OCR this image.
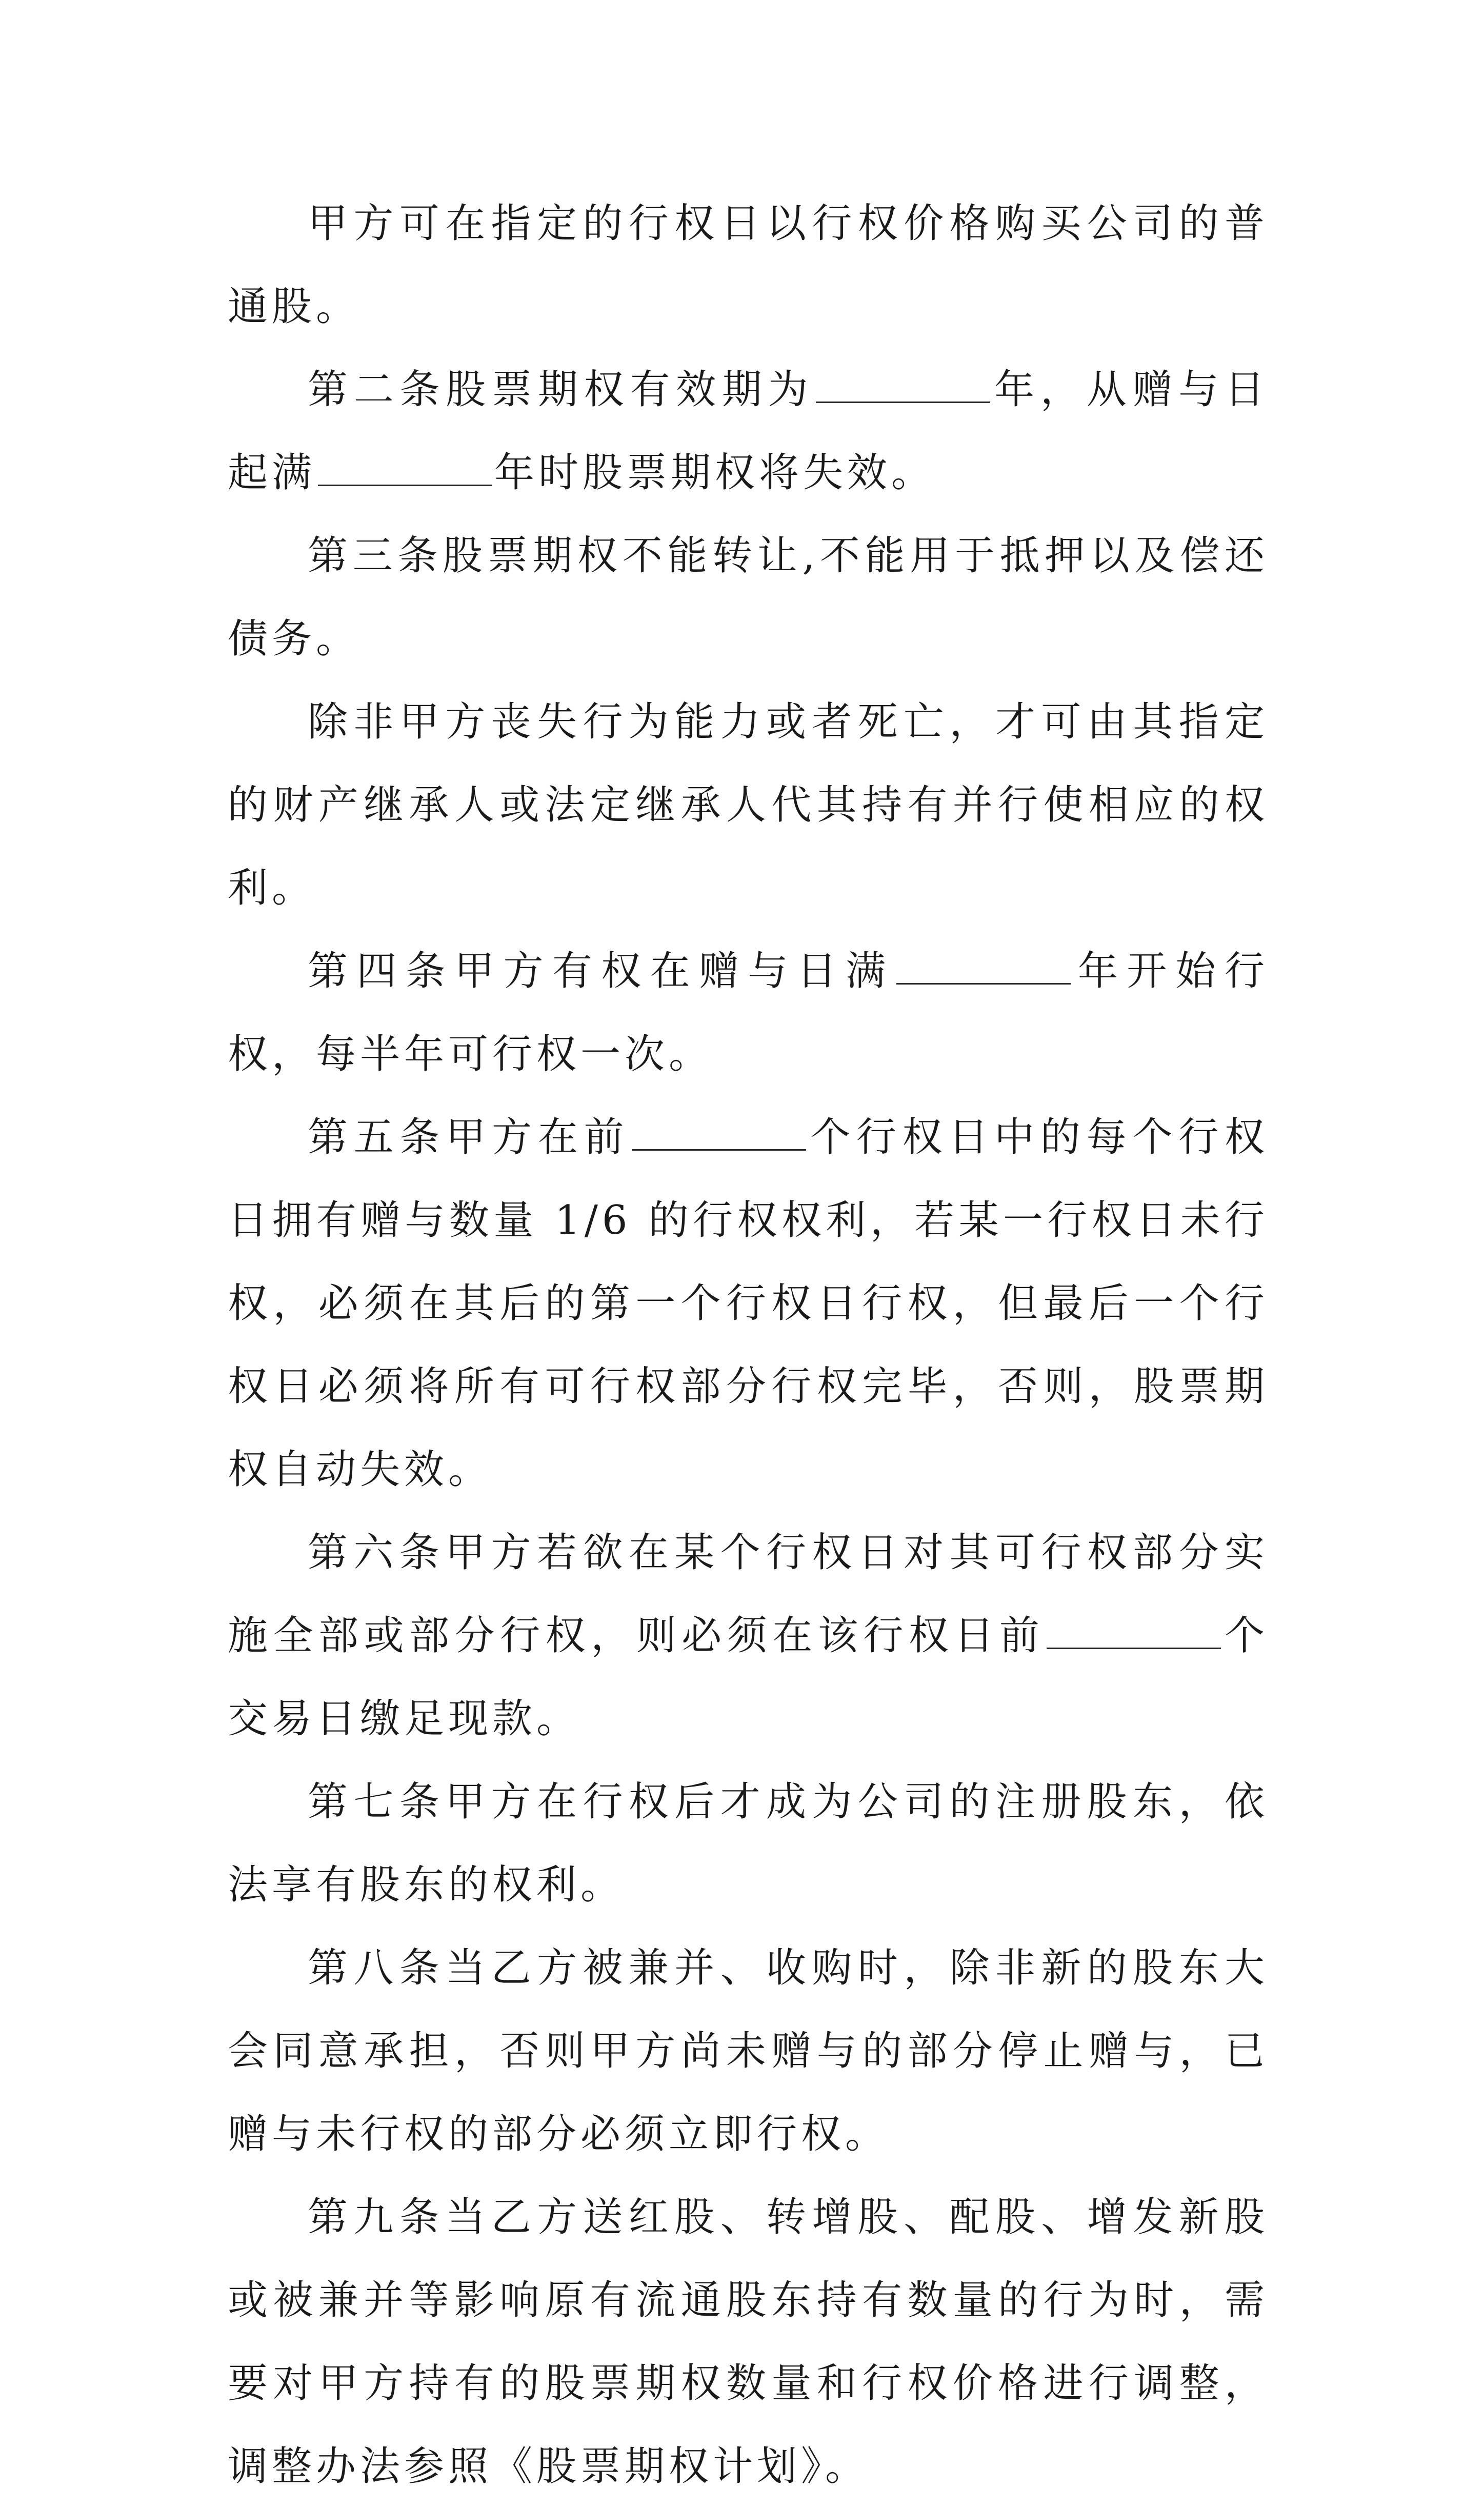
甲方可在指定的行权日以行权价格购买公司的普通股。

第二条股票期权有效期为	年，从赠与日起满	年时股票期权将失效。

第三条股票期权不能转让,不能用于抵押以及偿还债务。

除非甲方丧失行为能力或者死亡，才可由其指定的财产继承人或法定继承人代其持有并行使相应的权利。

第四条甲方有权在赠与日满	年开始行权，每半年可行权一次。

第五条甲方在前	个行权日中的每个行权日拥有赠与数量 1/6 的行权权利，若某一行权日未行权，必须在其后的第一个行权日行权，但最后一个行权日必须将所有可行权部分行权完毕，否则，股票期权自动失效。

第六条甲方若欲在某个行权日对其可行权部分实施全部或部分行权，则必须在该行权日前	个交易日缴足现款。

第七条甲方在行权后才成为公司的注册股东，依法享有股东的权利。

第八条当乙方被兼并、收购时，除非新的股东大会同意承担，否则甲方尚未赠与的部分停止赠与，已赠与未行权的部分必须立即行权。

第九条当乙方送红股、转增股、配股、增发新股或被兼并等影响原有流通股东持有数量的行为时，需要对甲方持有的股票期权数量和行权价格进行调整，调整办法参照《股票期权计划》。
